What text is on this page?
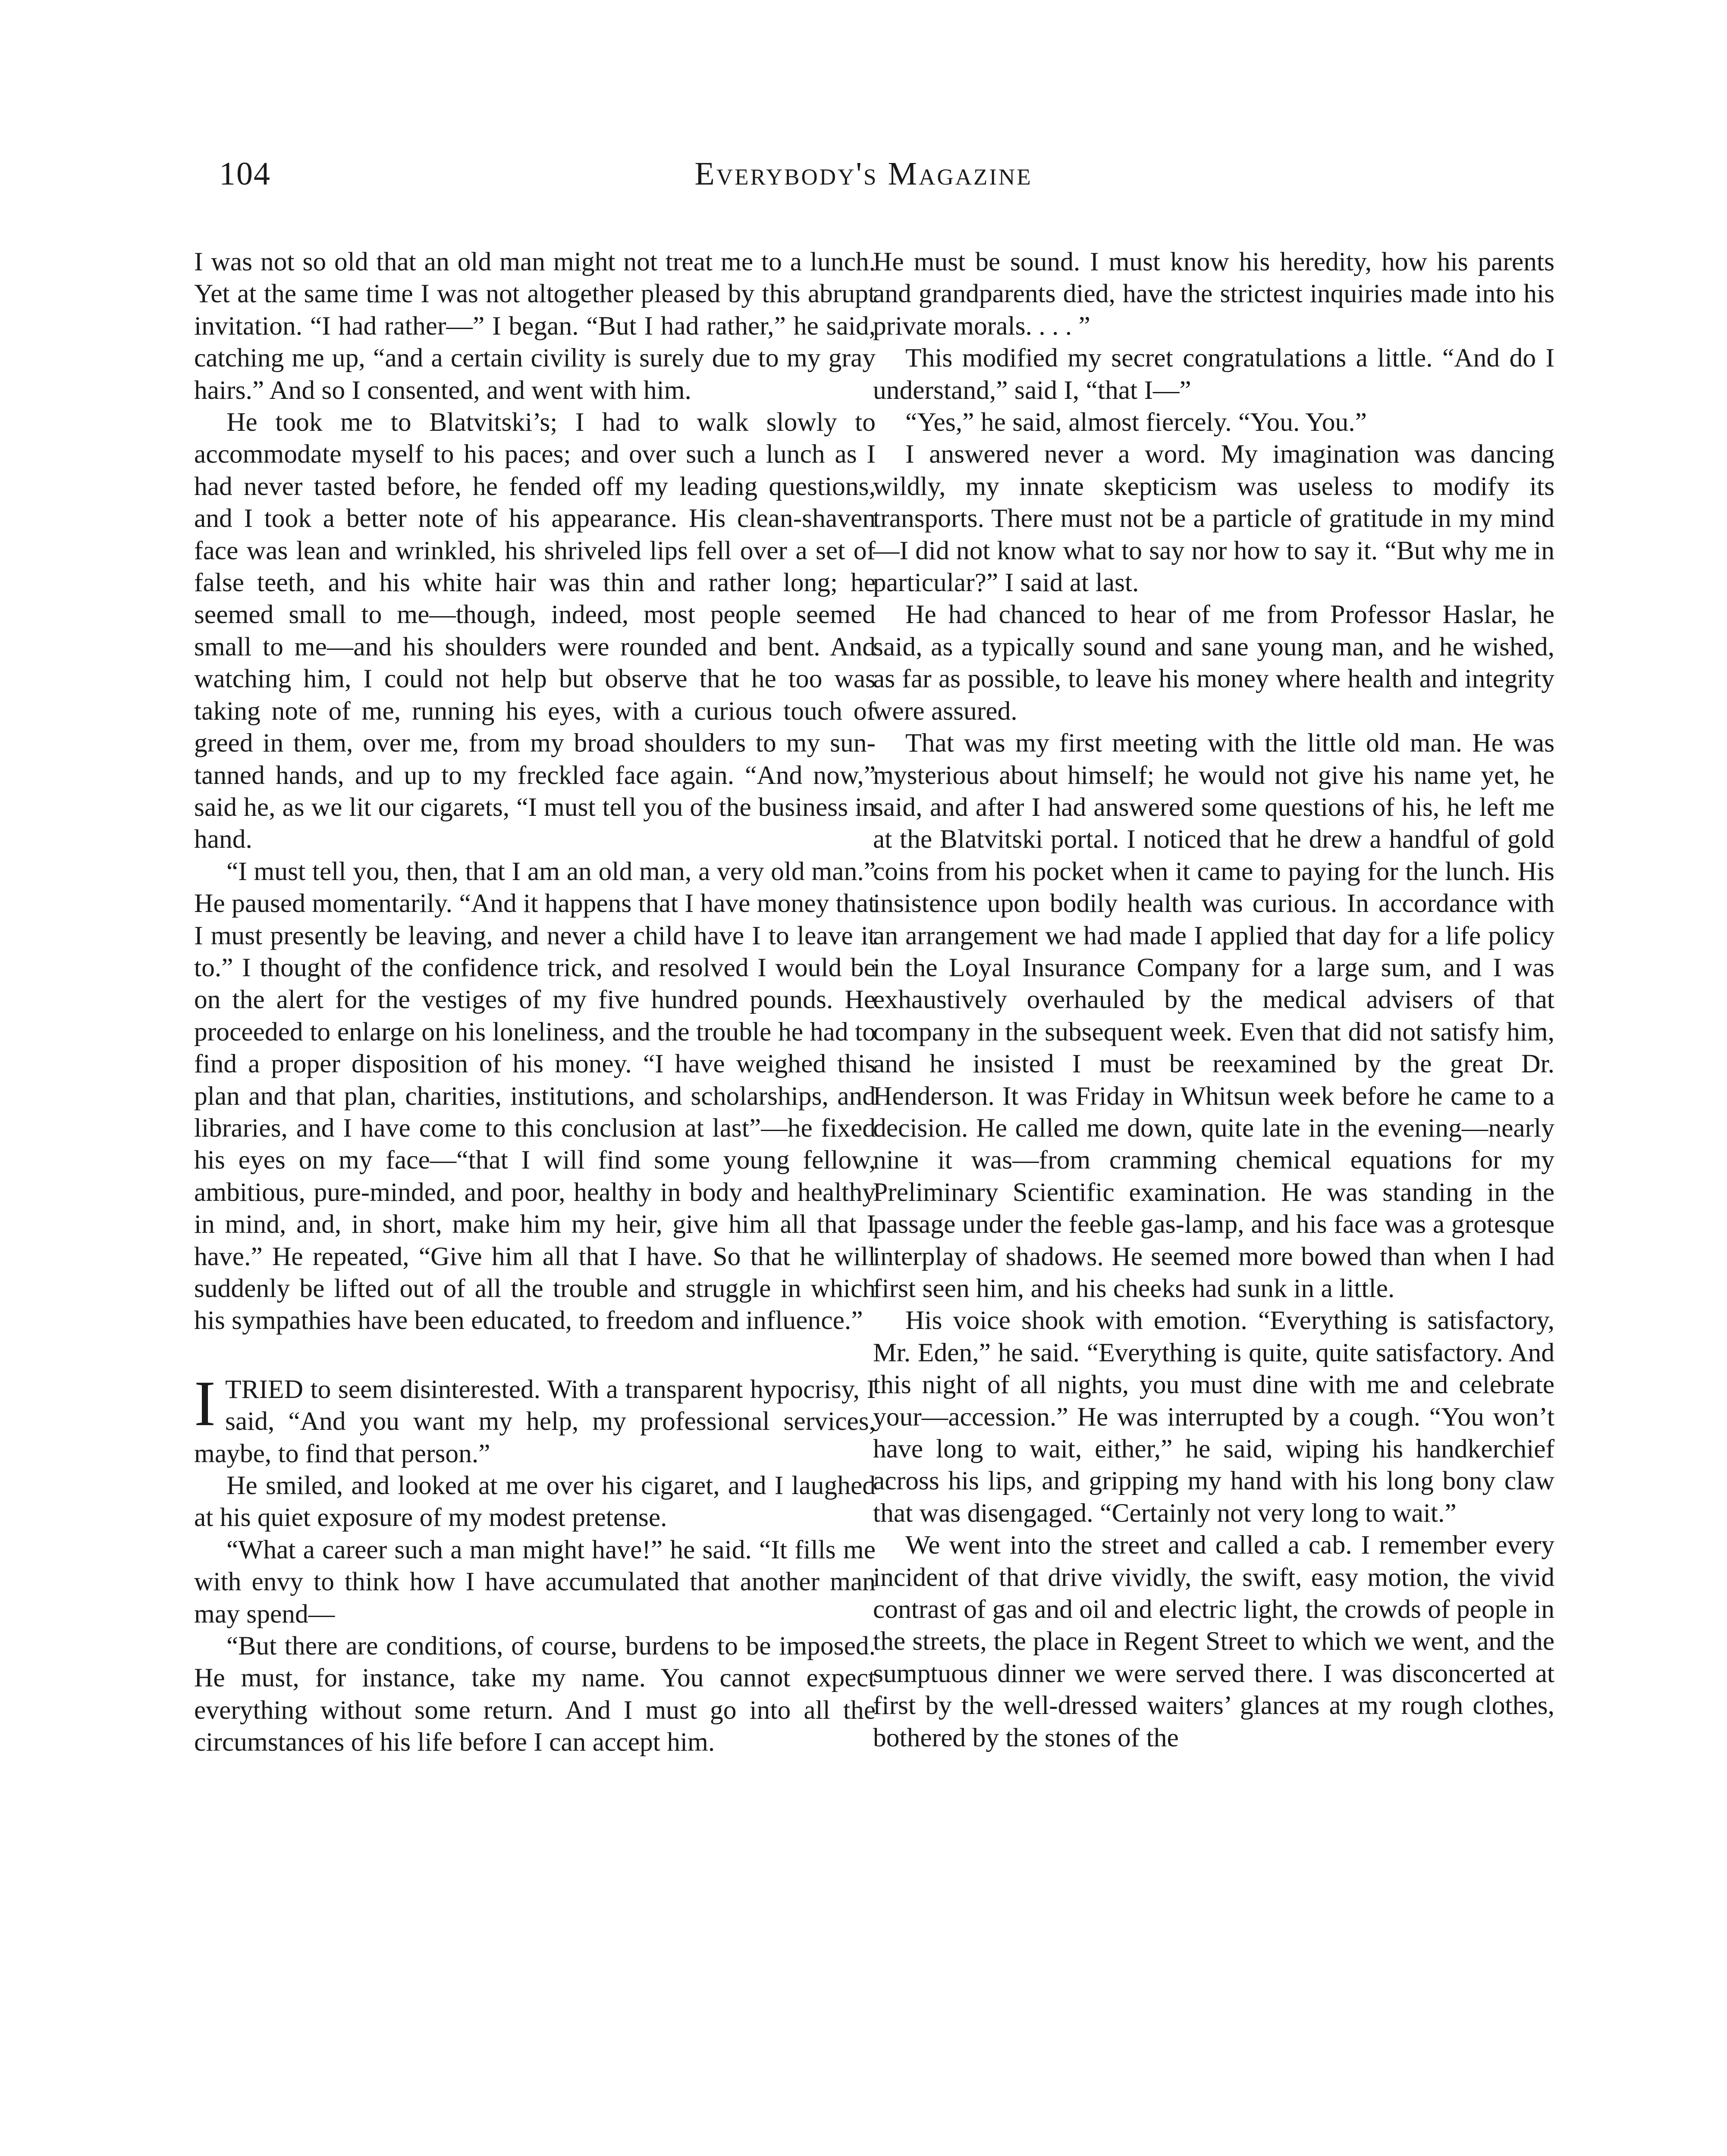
104	Everybody's Magazine

I was not so old that an old man might not treat me to a lunch. Yet at the same time I was not altogether pleased by this abrupt invitation. “I had rather—” I began. “But I had rather,” he said, catching me up, “and a certain civility is surely due to my gray hairs.” And so I consented, and went with him.

He took me to Blatvitski’s; I had to walk slowly to accommodate myself to his paces; and over such a lunch as I had never tasted before, he fended off my leading questions, and I took a better note of his appearance. His clean-shaven face was lean and wrinkled, his shriveled lips fell over a set of false teeth, and his white hair was thin and rather long; he seemed small to me—though, indeed, most people seemed small to me—and his shoulders were rounded and bent. And watching him, I could not help but observe that he too was taking note of me, running his eyes, with a curious touch of greed in them, over me, from my broad shoulders to my sun-tanned hands, and up to my freckled face again. “And now,” said he, as we lit our cigarets, “I must tell you of the business in hand.

“I must tell you, then, that I am an old man, a very old man.” He paused momentarily. “And it happens that I have money that I must presently be leaving, and never a child have I to leave it to.” I thought of the confidence trick, and resolved I would be on the alert for the vestiges of my five hundred pounds. He proceeded to enlarge on his loneliness, and the trouble he had to find a proper disposition of his money. “I have weighed this plan and that plan, charities, institutions, and scholarships, and libraries, and I have come to this conclusion at last”—he fixed his eyes on my face—“that I will find some young fellow, ambitious, pure-minded, and poor, healthy in body and healthy in mind, and, in short, make him my heir, give him all that I have.” He repeated, “Give him all that I have. So that he will suddenly be lifted out of all the trouble and struggle in which his sympathies have been educated, to freedom and influence.”

ITRIED to seem disinterested. With a transparent hypocrisy, I said, “And you want my help, my professional services, maybe, to find that person.”

He smiled, and looked at me over his cigaret, and I laughed at his quiet exposure of my modest pretense.

“What a career such a man might have!” he said. “It fills me with envy to think how I have accumulated that another man may spend—

“But there are conditions, of course, burdens to be imposed. He must, for instance, take my name. You cannot expect everything without some return. And I must go into all the circumstances of his life before I can accept him.

He must be sound. I must know his heredity, how his parents and grandparents died, have the strictest inquiries made into his private morals. . . . ”

This modified my secret congratulations a little. “And do I understand,” said I, “that I—”

“Yes,” he said, almost fiercely. “You. You.”

I answered never a word. My imagination was dancing wildly, my innate skepticism was useless to modify its transports. There must not be a particle of gratitude in my mind—I did not know what to say nor how to say it. “But why me in particular?” I said at last.

He had chanced to hear of me from Professor Haslar, he said, as a typically sound and sane young man, and he wished, as far as possible, to leave his money where health and integrity were assured.

That was my first meeting with the little old man. He was mysterious about himself; he would not give his name yet, he said, and after I had answered some questions of his, he left me at the Blatvitski portal. I noticed that he drew a handful of gold coins from his pocket when it came to paying for the lunch. His insistence upon bodily health was curious. In accordance with an arrangement we had made I applied that day for a life policy in the Loyal Insurance Company for a large sum, and I was exhaustively overhauled by the medical advisers of that company in the subsequent week. Even that did not satisfy him, and he insisted I must be reexamined by the great Dr. Henderson. It was Friday in Whitsun week before he came to a decision. He called me down, quite late in the evening—nearly nine it was—from cramming chemical equations for my Preliminary Scientific examination. He was standing in the passage under the feeble gas-lamp, and his face was a grotesque interplay of shadows. He seemed more bowed than when I had first seen him, and his cheeks had sunk in a little.

His voice shook with emotion. “Everything is satisfactory, Mr. Eden,” he said. “Everything is quite, quite satisfactory. And this night of all nights, you must dine with me and celebrate your—accession.” He was interrupted by a cough. “You won’t have long to wait, either,” he said, wiping his handkerchief across his lips, and gripping my hand with his long bony claw that was disengaged. “Certainly not very long to wait.”

We went into the street and called a cab. I remember every incident of that drive vividly, the swift, easy motion, the vivid contrast of gas and oil and electric light, the crowds of people in the streets, the place in Regent Street to which we went, and the sumptuous dinner we were served there. I was disconcerted at first by the well-dressed waiters’ glances at my rough clothes, bothered by the stones of the
